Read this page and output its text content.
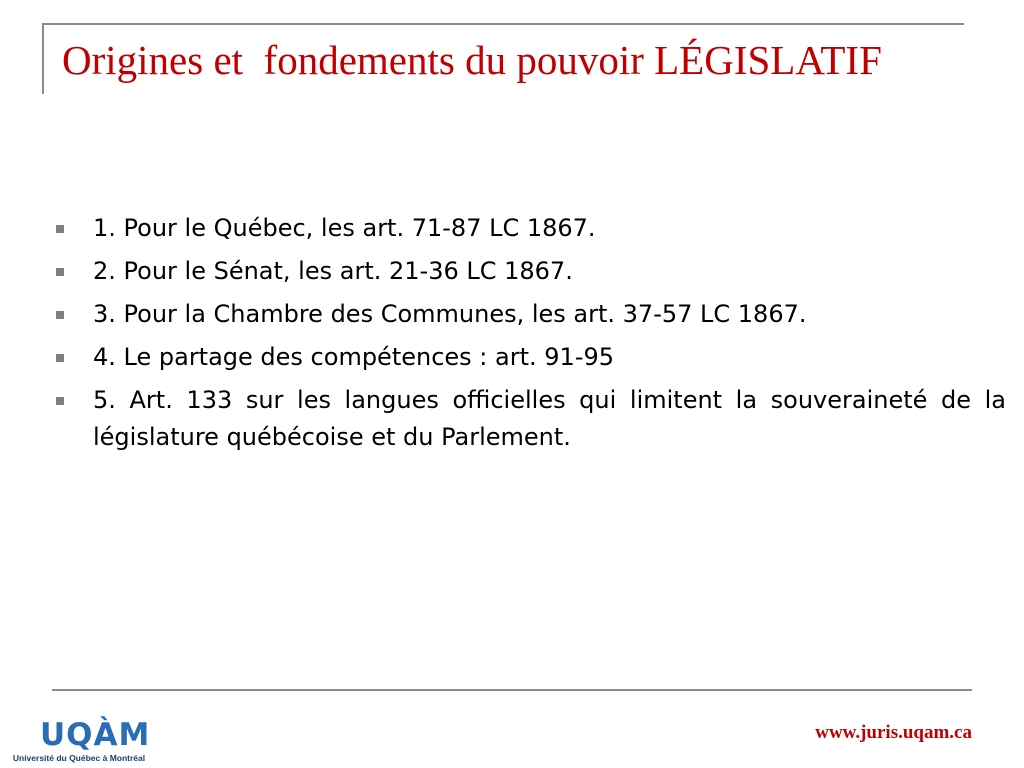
Origines et  fondements du pouvoir LÉGISLATIF
1. Pour le Québec, les art. 71-87 LC 1867.
2. Pour le Sénat, les art. 21-36 LC 1867.
3. Pour la Chambre des Communes, les art. 37-57 LC 1867.
4. Le partage des compétences : art. 91-95
5. Art. 133 sur les langues officielles qui limitent la souveraineté de la législature québécoise et du Parlement.
UQÀM
Université du Québec à Montréal
www.juris.uqam.ca
